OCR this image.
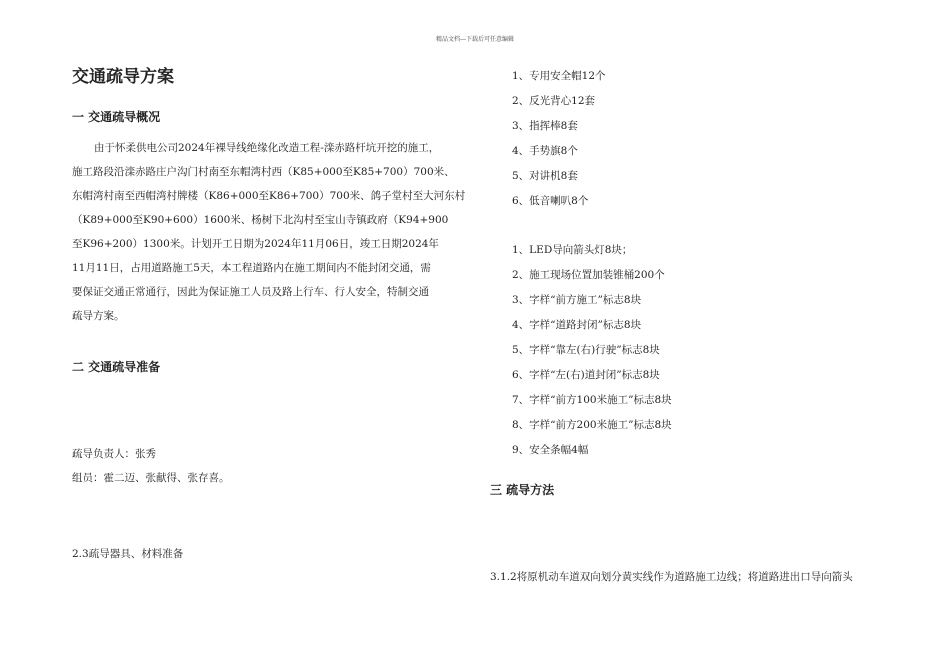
精品文档---下载后可任意编辑
交通疏导方案
一 交通疏导概况
由于怀柔供电公司2024年裸导线绝缘化改造工程-滦赤路杆坑开挖的施工，
施工路段沿滦赤路庄户沟门村南至东帽湾村西（K85+000至K85+700）700米、
东帽湾村南至西帽湾村牌楼（K86+000至K86+700）700米、鸽子堂村至大河东村
（K89+000至K90+600）1600米、杨树下北沟村至宝山寺镇政府（K94+900
至K96+200）1300米。计划开工日期为2024年11月06日，竣工日期2024年
11月11日，占用道路施工5天，本工程道路内在施工期间内不能封闭交通，需
要保证交通正常通行，因此为保证施工人员及路上行车、行人安全，特制交通
疏导方案。
二 交通疏导准备
疏导负责人：张秀
组员：霍二迈、张献得、张存喜。
2.3疏导器具、材料准备
1、专用安全帽12个
2、反光背心12套
3、指挥棒8套
4、手势旗8个
5、对讲机8套
6、低音喇叭8个
1、LED导向箭头灯8块；
2、施工现场位置加装锥桶200个
3、字样“前方施工”标志8块
4、字样“道路封闭”标志8块
5、字样“靠左(右)行驶”标志8块
6、字样“左(右)道封闭”标志8块
7、字样“前方100米施工”标志8块
8、字样“前方200米施工”标志8块
9、安全条幅4幅
三 疏导方法
3.1.2将原机动车道双向划分黄实线作为道路施工边线；将道路进出口导向箭头
